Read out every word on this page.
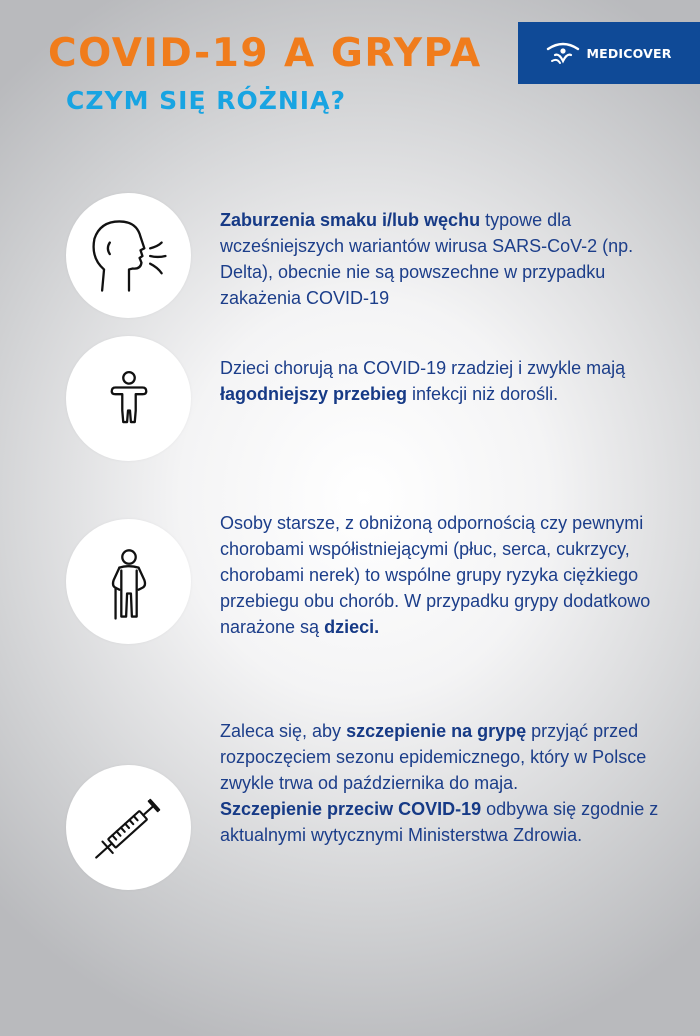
COVID-19 A GRYPA
CZYM SIĘ RÓŻNIĄ?
MEDICOVER

Zaburzenia smaku i/lub węchu typowe dla wcześniejszych wariantów wirusa SARS-CoV-2 (np. Delta), obecnie nie są powszechne w przypadku zakażenia COVID-19

Dzieci chorują na COVID-19 rzadziej i zwykle mają łagodniejszy przebieg infekcji niż dorośli.

Osoby starsze, z obniżoną odpornością czy pewnymi chorobami współistniejącymi (płuc, serca, cukrzycy, chorobami nerek) to wspólne grupy ryzyka ciężkiego przebiegu obu chorób. W przypadku grypy dodatkowo narażone są dzieci.

Zaleca się, aby szczepienie na grypę przyjąć przed rozpoczęciem sezonu epidemicznego, który w Polsce zwykle trwa od października do maja.
Szczepienie przeciw COVID-19 odbywa się zgodnie z aktualnymi wytycznymi Ministerstwa Zdrowia.
